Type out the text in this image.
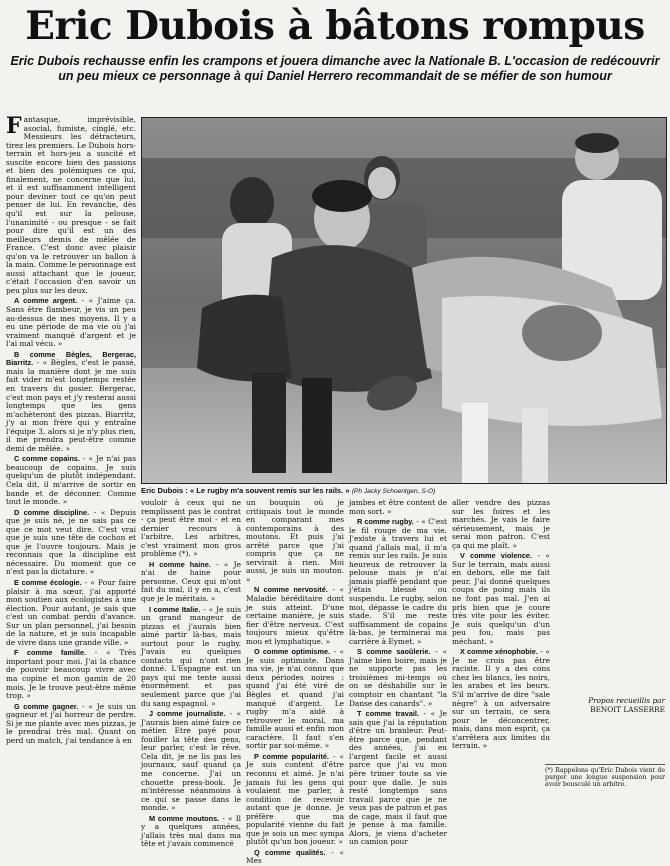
Eric Dubois à bâtons rompus
Eric Dubois rechausse enfin les crampons et jouera dimanche avec la Nationale B. L'occasion de redécouvrir un peu mieux ce personnage à qui Daniel Herrero recommandait de se méfier de son humour

Fantasque, imprévisible, asocial, fumiste, cinglé, etc. Messieurs les détracteurs, tirez les premiers. Le Dubois hors-terrain et hors-jeu a suscité et suscite encore bien des passions et bien des polémiques ce qui, finalement, ne concerne que lui, et il est suffisamment intelligent pour deviner tout ce qu'on peut penser de lui. En revanche, dès qu'il est sur la pelouse, l'unanimité - ou presque - se fait pour dire qu'il est un des meilleurs demis de mêlée de France. C'est donc avec plaisir qu'on va le retrouver un ballon à la main. Comme le personnage est aussi attachant que le joueur, c'était l'occasion d'en savoir un peu plus sur les deux.

A comme argent. - « J'aime ça. Sans être flambeur, je vis un peu au-dessus de mes moyens. Il y a eu une période de ma vie où j'ai vraiment manqué d'argent et je l'ai mal vécu. »

B comme Bègles, Bergerac, Biarritz. - « Bègles, c'est le passé, mais la manière dont je me suis fait vider m'est longtemps restée en travers du gosier. Bergerac, c'est mon pays et j'y resterai aussi longtemps que les gens m'achèteront des pizzas. Biarritz, j'y ai mon frère qui y entraîne l'équipe 3, alors si je n'y plus rien, il me prendra peut-être comme demi de mêlée. »

C comme copains. - « Je n'ai pas beaucoup de copains. Je suis quelqu'un de plutôt indépendant. Cela dit, il m'arrive de sortir en bande et de déconner. Comme tout le monde. »

D comme discipline. - « Depuis que je suis né, je ne sais pas ce que ce mot veut dire. C'est vrai que je suis une tête de cochon et que je l'ouvre toujours. Mais je reconnais que la discipline est nécessaire. Du moment que ce n'est pas la dictature. »

E comme écologie. - « Pour faire plaisir à ma sœur, j'ai apporté mon soutien aux écologistes à une élection. Pour autant, je sais que c'est un combat perdu d'avance. Sur un plan personnel, j'ai besoin de la nature, et je suis incapable de vivre dans une grande ville. »

F comme famille. - « Très important pour moi. J'ai la chance de pouvoir beaucoup vivre avec ma copine et mon gamin de 20 mois. Je le trouve peut-être même trop. »

G comme gagner. - « Je suis un gagneur et j'ai horreur de perdre. Si je me plante avec mes pizzas, je le prendrai très mal. Quant on perd un match, j'ai tendance à en

Eric Dubois : « Le rugby m'a souvent remis sur les rails. » (Ph Jacky Schoentgen, S-O)

vouloir à ceux qui ne remplissent pas le contrat - ça peut être moi - et en dernier recours à l'arbitre. Les arbitres, c'est vraiment mon gros problème (*). »

H comme haine. - « Je n'ai de haine pour personne. Ceux qui m'ont fait du mal, il y en a, c'est que je le méritais. »

I comme Italie. - « Je suis un grand mangeur de pizzas et j'aurais bien aimé partir là-bas, mais surtout pour le rugby. J'avais eu quelques contacts qui n'ont rien donné. L'Espagne est un pays qui me tente aussi énormément et pas seulement parce que j'ai du sang espagnol. »

J comme journaliste. - « J'aurais bien aimé faire ce métier. Etre payé pour fouiller la tête des gens, leur parler, c'est le rêve. Cela dit, je ne lis pas les journaux, sauf quand ça me concerne. J'ai un chouette press-book. Je m'intéresse néanmoins à ce qui se passe dans le monde. »

M comme moutons. - « Il y a quelques années, j'allais très mal dans ma tête et j'avais commencé

un bouquin où je critiquais tout le monde en comparant mes contemporains à des moutons. Et puis j'ai arrêté parce que j'ai compris que ça ne servirait à rien. Moi aussi, je suis un mouton. »

N comme nervosité. - « Maladie héréditaire dont je suis atteint. D'une certaine manière, je suis fier d'être nerveux. C'est toujours mieux qu'être mou et lymphatique. »

O comme optimisme. - « Je suis optimiste. Dans ma vie, je n'ai connu que deux périodes noires : quand j'ai été viré de Bègles et quand j'ai manqué d'argent. Le rugby m'a aidé à retrouver le moral, ma famille aussi et enfin mon caractère. Il faut s'en sortir par soi-même. »

P comme popularité. - « Je suis content d'être reconnu et aimé. Je n'ai jamais fui les gens qui voulaient me parler, à condition de recevoir autant que je donne. Je préfère que ma popularité vienne du fait que je sois un mec sympa plutôt qu'un bon joueur. »

Q comme qualités. - « Mes

jambes et être content de mon sort. »

R comme rugby. - « C'est le fil rouge de ma vie. J'existe à travers lui et quand j'allais mal, il m'a remis sur les rails. Je suis heureux de retrouver la pelouse mais je n'ai jamais piaffé pendant que j'étais blessé ou suspendu. Le rugby, selon moi, dépasse le cadre du stade. S'il me reste suffisamment de copains là-bas, je terminerai ma carrière à Eymet. »

S comme saoûlerie. - « J'aime bien boire, mais je ne supporte pas les troisièmes mi-temps où on se déshabille sur le comptoir en chantant "la Danse des canards". »

T comme travail. - « Je sais que j'ai la réputation d'être un branleur. Peut-être parce que, pendant des années, j'ai eu l'argent facile et aussi parce que j'ai vu mon père trimer toute sa vie pour que dalle. Je suis resté longtemps sans travail parce que je ne veux pas de patron et pas de cage, mais il faut que je pense à ma famille. Alors, je viens d'acheter un camion pour

aller vendre des pizzas sur les foires et les marchés. Je vais le faire sérieusement, mais je serai mon patron. C'est ça qui me plaît. »

V comme violence. - « Sur le terrain, mais aussi en dehors, elle me fait peur. J'ai donné quelques coups de poing mais ils ne font pas mal. J'en ai pris bien que je coure très vite pour les éviter. Je suis quelqu'un d'un peu fou, mais pas méchant. »

X comme xénophobie. - « Je ne crois pas être raciste. Il y a des cons chez les blancs, les noirs, les arabes et les beurs. S'il m'arrive de dire "sale nègre" à un adversaire sur un terrain, ce sera pour le déconcentrer, mais, dans mon esprit, ça s'arrêtera aux limites du terrain. »

Propos recueillis par
BENOIT LASSERRE
(*) Rappelons qu'Eric Dubois vient de purger une longue suspension pour avoir bousculé un arbitre.
